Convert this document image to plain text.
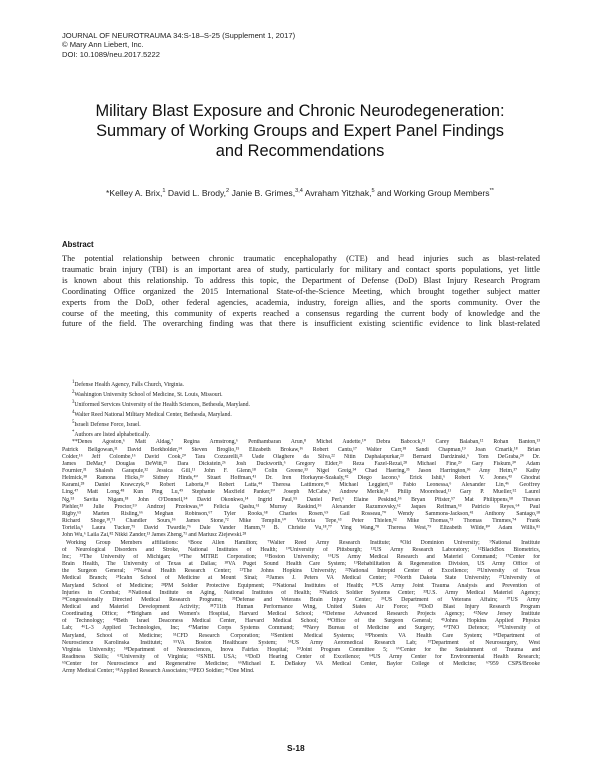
JOURNAL OF NEUROTRAUMA 34:S-18–S-25 (Supplement 1, 2017)
© Mary Ann Liebert, Inc.
DOI: 10.1089/neu.2017.5222
Military Blast Exposure and Chronic Neurodegeneration:
Summary of Working Groups and Expert Panel Findings
and Recommendations
*Kelley A. Brix,$^1$ David L. Brody,$^2$ Janie B. Grimes,$^{3,4}$ Avraham Yitzhak,$^5$ and Working Group Members**
Abstract
The potential relationship between chronic traumatic encephalopathy (CTE) and head injuries such as blast-related
traumatic brain injury (TBI) is an important area of study, particularly for military and contact sports populations, yet little
is known about this relationship. To address this topic, the Department of Defense (DoD) Blast Injury Research Program
Coordinating Office organized the 2015 International State-of-the-Science Meeting, which brought together subject matter
experts from the DoD, other federal agencies, academia, industry, foreign allies, and the sports community. Over the
course of the meeting, this community of experts reached a consensus regarding the current body of knowledge and the
future of the field. The overarching finding was that there is insufficient existing scientific evidence to link blast-related
$^1$Defense Health Agency, Falls Church, Virginia.
$^2$Washington University School of Medicine, St. Louis, Missouri.
$^3$Uniformed Services University of the Health Sciences, Bethesda, Maryland.
$^4$Walter Reed National Military Medical Center, Bethesda, Maryland.
$^5$Israeli Defense Force, Israel.
*Authors are listed alphabetically.
**Denes Agoston,⁶ Matt Aldag,⁷ Regina Armstrong,⁶ Penthambaran Arun,⁸ Michel Audette,¹⁰ Debra Babcock,¹¹ Carey Balaban,¹² Rohan Banton,¹³
Patrick Bellgowan,¹¹ David Borkholder,¹⁴ Steven Broglio,¹⁵ Elizabeth Brokaw,¹⁶ Robert Cantu,¹⁷ Walter Carr,¹⁸ Sandi Chapman,¹⁹ Joan Cmarik,¹⁸ Brian
Colder,¹⁶ Jeff Colombe,¹⁶ David Cook,²⁰ Tara Cozzarelli,²¹ Uade Olaghere da Silva,²² Nitin Daphalapurkar,²³ Bernard Dardzinski,⁶ Tom DeGraba,²⁴ Dr.
James DeMar,⁸ Douglas DeWitt,²⁵ Dara Dickstein,²⁶ Josh Duckworth,⁶ Gregory Elder,²⁶ Reza Fazel-Rezai,²⁸ Michael Fine,²⁹ Gary Fiskum,³⁰ Adam
Fournier,³¹ Shalesh Garapule,³² Jessica Gill,¹¹ John F. Glenn,¹⁸ Colin Greene,³³ Nigel Greig,³⁴ Chad Haering,³⁵ Jason Harrington,³⁶ Amy Heim,³⁷ Kathy
Helmick,³⁸ Ramona Hicks,³⁹ Sidney Hinds,⁴⁰ Stuart Hoffman,⁴¹ Dr. Iren Horkayne-Szakaly,⁴² Diego Iacono,⁶ Erick Ishii,⁶ Robert V. Jones,⁴³ Ghodrat
Karami,²⁸ Daniel Krawczyk,¹⁹ Robert Laborta,¹⁸ Robert Latta,⁴⁴ Theresa Lattimore,⁴⁵ Michael Leggieri,¹³ Fabio Leonessa,⁶ Alexander Lin,⁴⁶ Geoffrey
Ling,⁴⁷ Matt Long,⁴⁸ Kun Ping Lu,⁴⁹ Stephanie Maxfield Panker,⁵⁰ Joseph McCabe,⁶ Andrew Merkle,⁵¹ Philip Moorehead,¹¹ Gary P. Mueller,⁵² Laurel
Ng,⁵³ Savita Nigam,¹⁸ John O'Donnell,⁵⁴ David Okonkwo,¹⁴ Ingrid Paul,⁵⁵ Daniel Perl,⁶ Elaine Peskind,⁵⁶ Bryan Pfister,⁵⁷ Mat Philippens,⁵⁸ Thuvan
Piehler,³³ Julie Proctor,⁵⁹ Andrzej Przekwas,⁶⁰ Felicia Qashu,⁶¹ Murray Raskind,⁵⁶ Alexander Razumovsky,⁶² Jaques Reifman,⁶³ Patricio Reyes,⁶⁴ Paul
Rigby,⁶⁵ Marten Risling,⁶⁶ Meghan Robinson,⁶⁷ Tyler Rooks,⁶⁸ Charles Rosen,⁶⁹ Gail Rosseau,⁷⁰ Wendy Sammons-Jackson,⁴¹ Anthony Santago,¹⁸
Richard Shoge,¹⁸,⁷¹ Chandler Sours,⁵⁶ James Stone,⁷² Mike Templin,⁶⁰ Victoria Tepe,⁶³ Peter Thielen,⁵² Mike Thomas,⁷³ Thomas Timmes,⁷⁴ Frank
Tortella,⁶ Laura Tucker,⁷⁵ David Twardle,⁷⁶ Dale Vander Hamm,⁷³ B. Christie Vu,¹⁸,⁷⁷ Ying Wang,⁷⁸ Theresa West,⁷⁹ Elizabeth Wilde,⁸⁰ Adam Willis,⁸¹
John Wu,⁶ Laila Zai,⁸² Nikki Zander,¹³ James Zheng,⁷¹ and Mariusz Ziejewski.²⁸
Working Group Members affiliations: ⁶Booz Allen Hamilton; ⁷Walter Reed Army Research Institute; ⁸Old Dominion University; ⁹National Institute
of Neurological Disorders and Stroke, National Institutes of Health; ¹⁰University of Pittsburgh; ¹¹US Army Research Laboratory; ¹²BlackBox Biometrics,
Inc; ¹³The University of Michigan; ¹⁴The MITRE Corporation; ¹⁵Boston University; ¹⁶US Army Medical Research and Materiel Command; ¹⁷Center for
Brain Health, The University of Texas at Dallas; ¹⁸VA Puget Sound Health Care System; ¹⁹Rehabilitation & Regeneration Division, US Army Office of
the Surgeon General; ²⁰Naval Health Research Center; ²¹The Johns Hopkins University; ²²National Intrepid Center of Excellence; ²³University of Texas
Medical Branch; ²⁴Icahn School of Medicine at Mount Sinai; ²⁵James J. Peters VA Medical Center; ²⁶North Dakota State University; ²⁷University of
Maryland School of Medicine; ²⁸PM Soldier Protective Equipment; ²⁹National Institutes of Health; ³⁰US Army Joint Trauma Analysis and Prevention of
Injuries in Combat; ³¹National Institute on Aging, National Institutes of Health; ³²Natick Soldier Systems Center; ³³U.S. Army Medical Materiel Agency;
³⁴Congressionally Directed Medical Research Programs; ³⁵Defense and Veterans Brain Injury Center; ³⁶US Department of Veterans Affairs; ³⁷US Army
Medical and Materiel Development Activity; ³⁸711th Human Performance Wing, United States Air Force; ³⁹DoD Blast Injury Research Program
Coordinating Office; ⁴⁰Brigham and Women's Hospital, Harvard Medical School; ⁴¹Defense Advanced Research Projects Agency; ⁴²New Jersey Institute
of Technology; ⁴³Beth Israel Deaconess Medical Center, Harvard Medical School; ⁴⁴Office of the Surgeon General; ⁴⁵Johns Hopkins Applied Physics
Lab; ⁴⁶L-3 Applied Technologies, Inc; ⁴⁷Marine Corps Systems Command; ⁴⁸Navy Bureau of Medicine and Surgery; ⁴⁹TNO Defence; ⁵⁰University of
Maryland, School of Medicine; ⁵¹CFD Research Corporation; ⁵²Sentient Medical Systems; ⁵³Phoenix VA Health Care System; ⁵⁴Department of
Neuroscience Karolinska Institutet; ⁵⁵VA Boston Healthcare System; ⁵⁶US Army Aeromedical Research Lab; ⁵⁷Department of Neurosurgery, West
Virginia University; ⁵⁸Department of Neurosciences, Inova Fairfax Hospital; ⁵⁹Joint Program Committee 5; ⁶⁰Center for the Sustainment of Trauma and
Readiness Skills; ⁶¹University of Virginia; ⁶²SNBL USA; ⁶³DoD Hearing Center of Excellence; ⁶⁴US Army Center for Environmental Health Research;
⁶⁵Center for Neuroscience and Regenerative Medicine; ⁶⁶Michael E. DeBakey VA Medical Center, Baylor College of Medicine; ⁶⁷959 CSPS/Brooke
Army Medical Center; ⁶⁸Applied Research Associates; ⁶⁹PEO Soldier; ⁷⁰One Mind.
S-18
